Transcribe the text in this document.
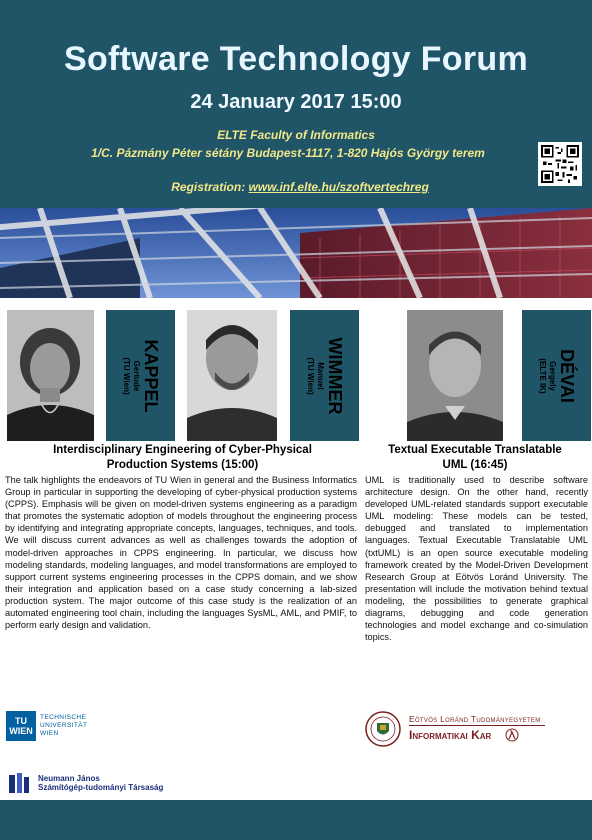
Software Technology Forum
24 January 2017 15:00
ELTE Faculty of Informatics
1/C. Pázmány Péter sétány Budapest-1117, 1-820 Hajós György terem
Registration: www.inf.elte.hu/szoftvertechreg
KAPPEL
Gertude
(TU Wien)	WIMMER
Manuel
(TU Wien)	DÉVAI
Gergely
(ELTE IK)
Interdisciplinary Engineering of Cyber-Physical
Production Systems (15:00)
The talk highlights the endeavors of TU Wien in general and the Business Informatics Group in particular in supporting the developing of cyber-physical production systems (CPPS). Emphasis will be given on model-driven systems engineering as a paradigm that promotes the systematic adoption of models throughout the engineering process by identifying and integrating appropriate concepts, languages, techniques, and tools. We will discuss current advances as well as challenges towards the adoption of model-driven approaches in CPPS engineering. In particular, we discuss how modeling standards, modeling languages, and model transformations are employed to support current systems engineering processes in the CPPS domain, and we show their integration and application based on a case study concerning a lab-sized production system. The major outcome of this case study is the realization of an automated engineering tool chain, including the languages SysML, AML, and PMIF, to perform early design and validation.
Textual Executable Translatable
UML (16:45)
UML is traditionally used to describe software architecture design. On the other hand, recently developed UML-related standards support executable UML modeling: These models can be tested, debugged and translated to implementation languages. Textual Executable Translatable UML (txtUML) is an open source executable modeling framework created by the Model-Driven Development Research Group at Eötvös Loránd University. The presentation will include the motivation behind textual modeling, the possibilities to generate graphical diagrams, debugging and code generation technologies and model exchange and co-simulation topics.
TU WIEN
TECHNISCHE
UNIVERSITÄT
WIEN
Neumann János
Számítógép-tudományi Társaság
Eötvös Loránd Tudományegyetem
Informatikai Kar
